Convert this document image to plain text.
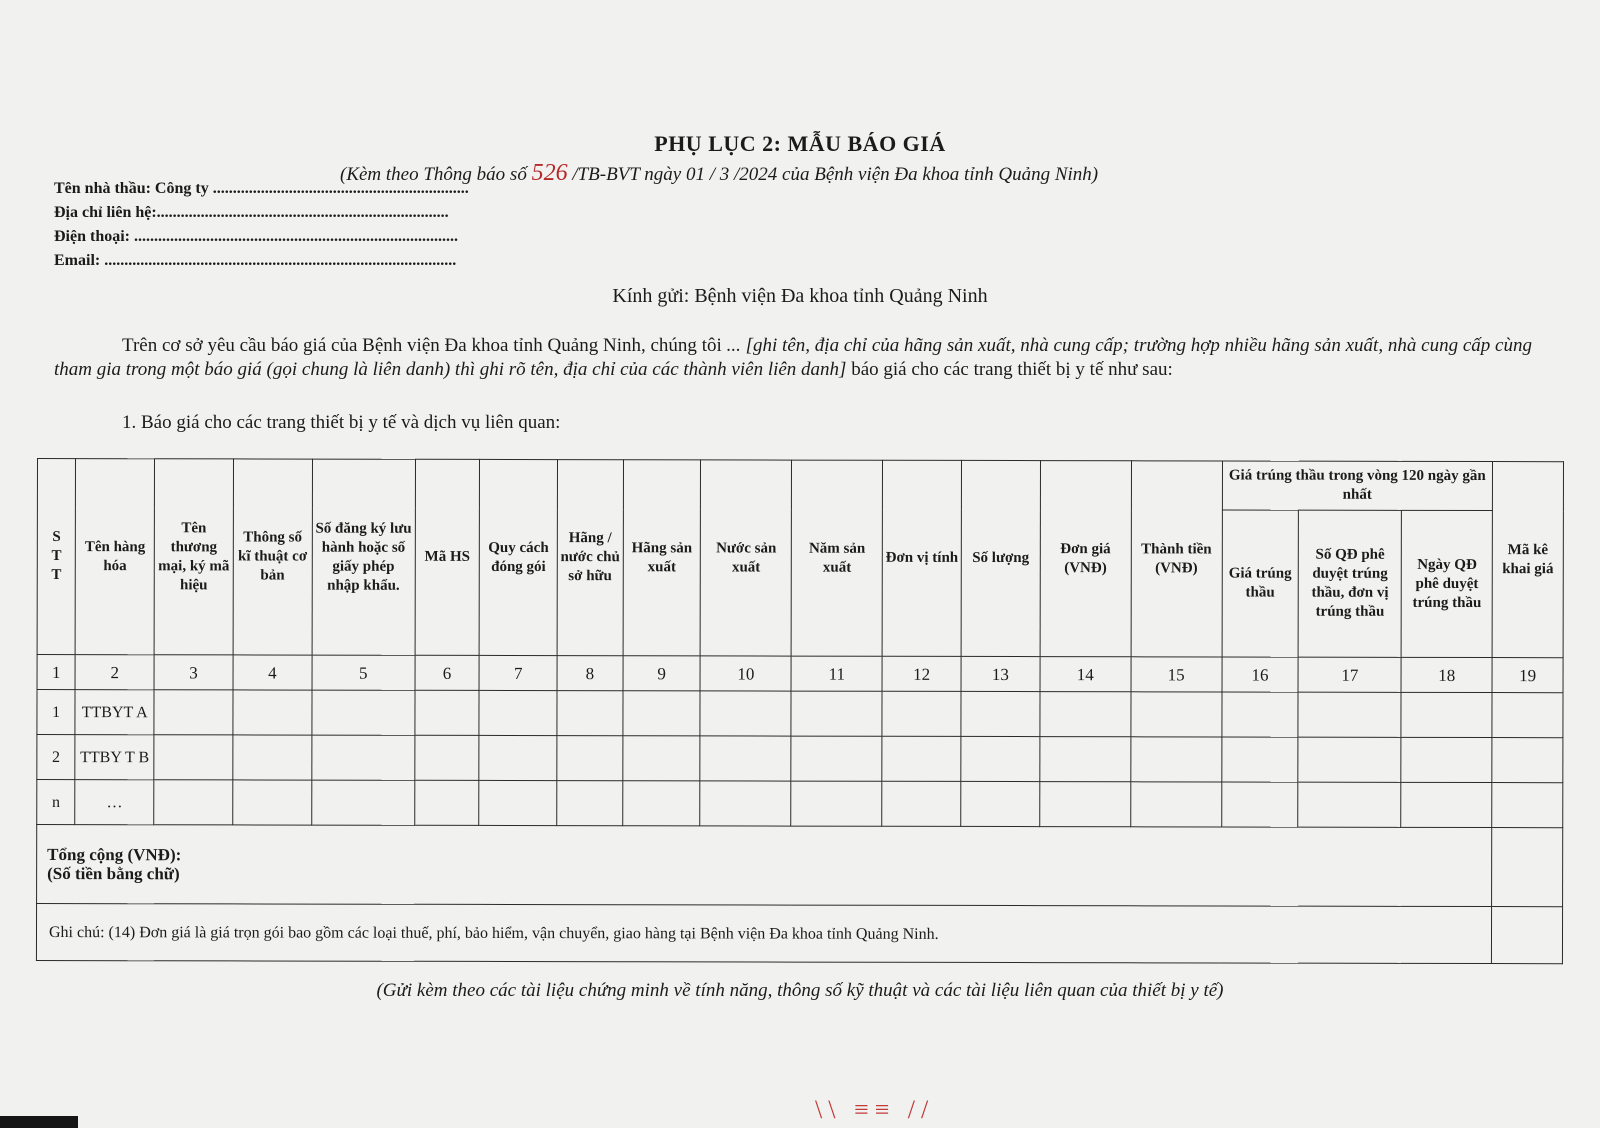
PHỤ LỤC 2: MẪU BÁO GIÁ
(Kèm theo Thông báo số 526 /TB-BVT ngày 01 / 3 /2024 của Bệnh viện Đa khoa tỉnh Quảng Ninh)
Tên nhà thầu: Công ty ................................................................
Địa chỉ liên hệ:.........................................................................
Điện thoại: .................................................................................
Email: ........................................................................................
Kính gửi: Bệnh viện Đa khoa tỉnh Quảng Ninh
Trên cơ sở yêu cầu báo giá của Bệnh viện Đa khoa tỉnh Quảng Ninh, chúng tôi ... [ghi tên, địa chỉ của hãng sản xuất, nhà cung cấp; trường hợp nhiều hãng sản xuất, nhà cung cấp cùng tham gia trong một báo giá (gọi chung là liên danh) thì ghi rõ tên, địa chỉ của các thành viên liên danh] báo giá cho các trang thiết bị y tế như sau:
1. Báo giá cho các trang thiết bị y tế và dịch vụ liên quan:
S T T	Tên hàng hóa	Tên thương mại, ký mã hiệu	Thông số kĩ thuật cơ bản	Số đăng ký lưu hành hoặc số giấy phép nhập khẩu.	Mã HS	Quy cách đóng gói	Hãng / nước chủ sở hữu	Hãng sản xuất	Nước sản xuất	Năm sản xuất	Đơn vị tính	Số lượng	Đơn giá (VNĐ)	Thành tiền (VNĐ)	Giá trúng thầu trong vòng 120 ngày gần nhất			Mã kê khai giá
															Giá trúng thầu	Số QĐ phê duyệt trúng thầu, đơn vị trúng thầu	Ngày QĐ phê duyệt trúng thầu	
1	2	3	4	5	6	7	8	9	10	11	12	13	14	15	16	17	18	19
1	TTBYT A																	
2	TTBY T B																	
n	…																	

Tổng cộng (VNĐ):
(Số tiền bằng chữ)																		

Ghi chú: (14) Đơn giá là giá trọn gói bao gồm các loại thuế, phí, bảo hiểm, vận chuyển, giao hàng tại Bệnh viện Đa khoa tỉnh Quảng Ninh.																		
(Gửi kèm theo các tài liệu chứng minh về tính năng, thông số kỹ thuật và các tài liệu liên quan của thiết bị y tế)
\\ ≡≡ //
